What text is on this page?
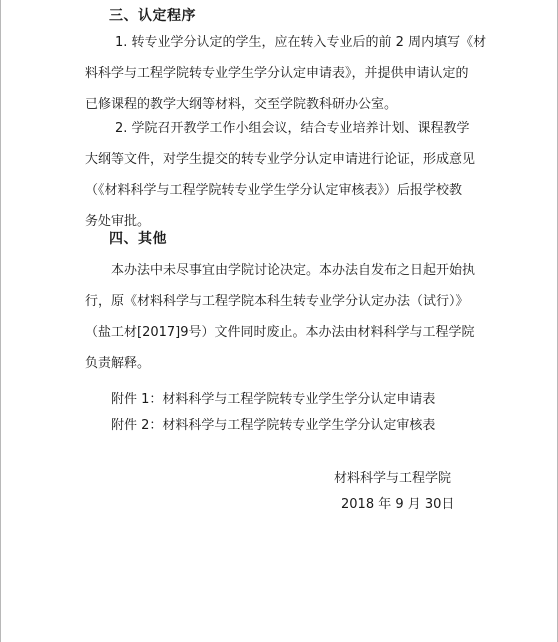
三、认定程序
1. 转专业学分认定的学生，应在转入专业后的前 2 周内填写《材
料科学与工程学院转专业学生学分认定申请表》，并提供申请认定的
已修课程的教学大纲等材料，交至学院教科研办公室。
2. 学院召开教学工作小组会议，结合专业培养计划、课程教学
大纲等文件，对学生提交的转专业学分认定申请进行论证，形成意见
（《材料科学与工程学院转专业学生学分认定审核表》）后报学校教
务处审批。
四、其他
本办法中未尽事宜由学院讨论决定。本办法自发布之日起开始执
行，原《材料科学与工程学院本科生转专业学分认定办法（试行）》
（盐工材[2017]9号）文件同时废止。本办法由材料科学与工程学院
负责解释。
附件 1：材料科学与工程学院转专业学生学分认定申请表
附件 2：材料科学与工程学院转专业学生学分认定审核表
材料科学与工程学院
2018 年 9 月 30日
